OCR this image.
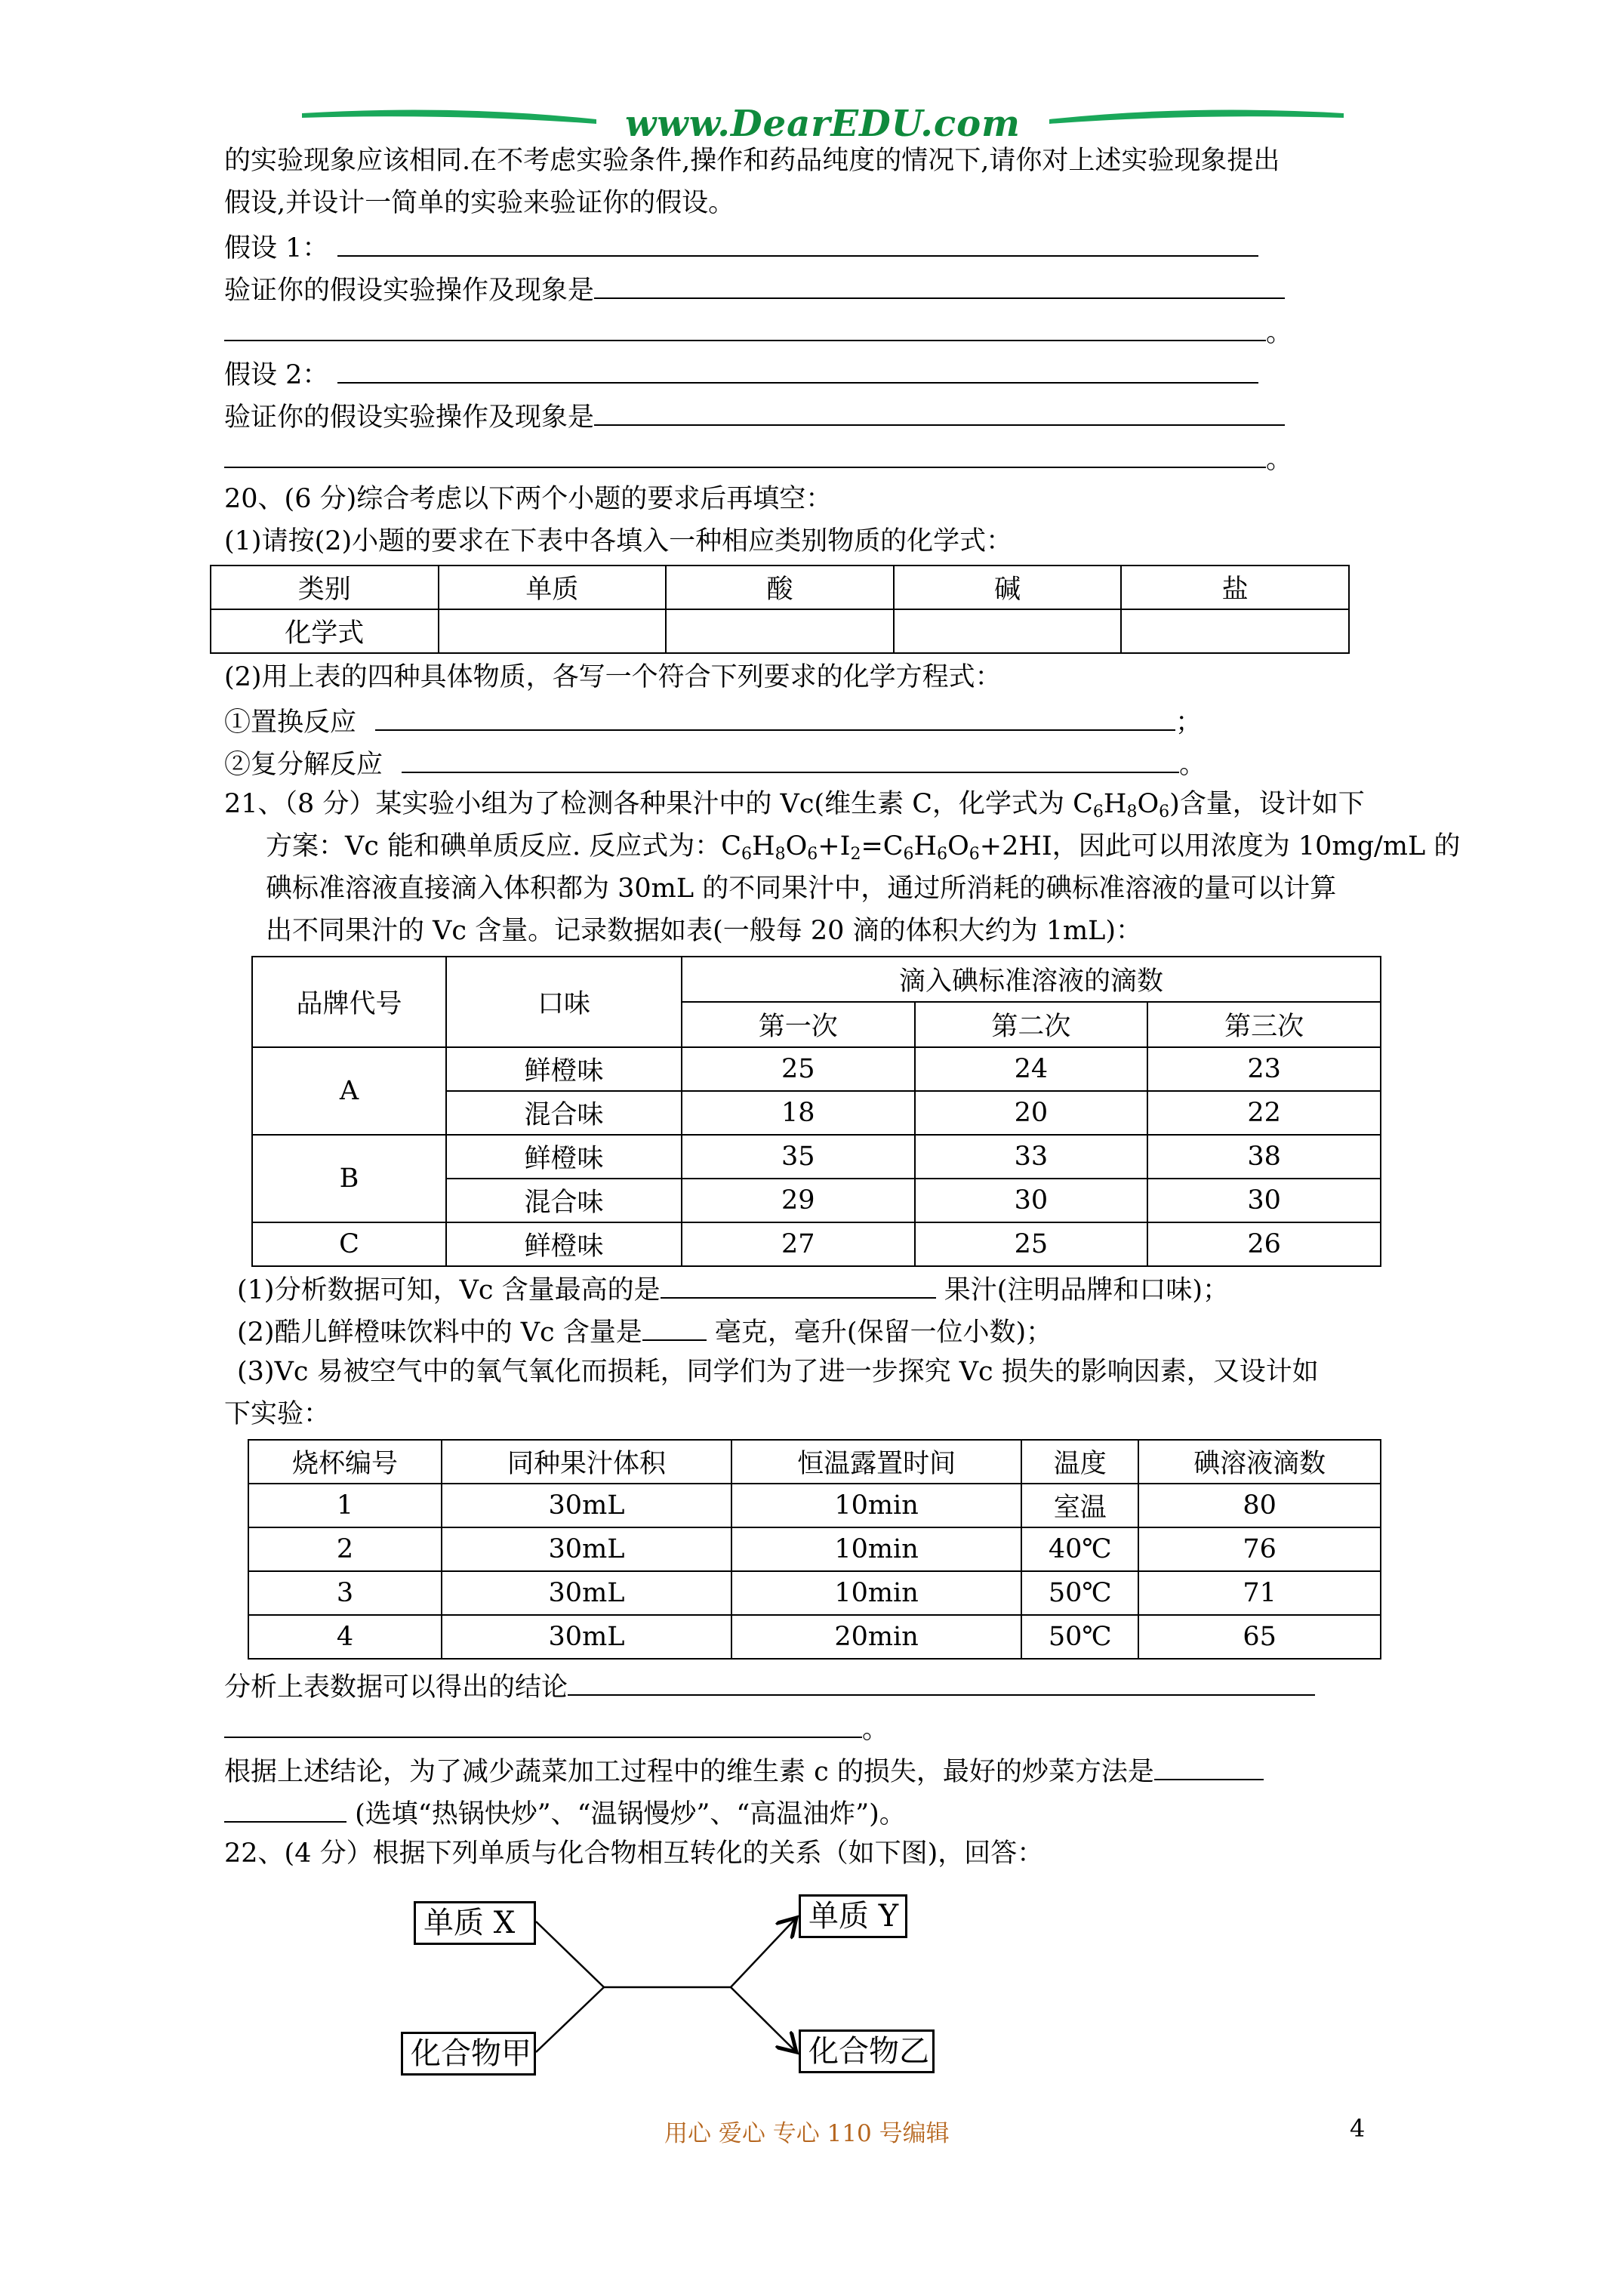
www.DearEDU.com
的实验现象应该相同.在不考虑实验条件,操作和药品纯度的情况下,请你对上述实验现象提出
假设,并设计一简单的实验来验证你的假设。
假设 1：
验证你的假设实验操作及现象是
。
假设 2：
验证你的假设实验操作及现象是
。
20、(6 分)综合考虑以下两个小题的要求后再填空：
(1)请按(2)小题的要求在下表中各填入一种相应类别物质的化学式：
类别	单质	酸	碱	盐
化学式				
(2)用上表的四种具体物质，各写一个符合下列要求的化学方程式：
①置换反应	；
②复分解反应	。
21、（8 分）某实验小组为了检测各种果汁中的 Vc(维生素 C，化学式为 $C_6H_8O_6$)含量，设计如下
方案：Vc 能和碘单质反应. 反应式为：$C_6H_8O_6+I_2=C_6H_6O_6+2HI$，因此可以用浓度为 10mg/mL 的
碘标准溶液直接滴入体积都为 30mL 的不同果汁中，通过所消耗的碘标准溶液的量可以计算
出不同果汁的 Vc 含量。记录数据如表(一般每 20 滴的体积大约为 1mL)：
品牌代号	口味	滴入碘标准溶液的滴数		
		第一次	第二次	第三次
A	鲜橙味	25	24	23
	混合味	18	20	22
B	鲜橙味	35	33	38
	混合味	29	30	30
C	鲜橙味	27	25	26
(1)分析数据可知，Vc 含量最高的是	果汁(注明品牌和口味)；
(2)酷儿鲜橙味饮料中的 Vc 含量是	毫克，毫升(保留一位小数)；
(3)Vc 易被空气中的氧气氧化而损耗，同学们为了进一步探究 Vc 损失的影响因素，又设计如
下实验：
烧杯编号	同种果汁体积	恒温露置时间	温度	碘溶液滴数
1	30mL	10min	室温	80
2	30mL	10min	40℃	76
3	30mL	10min	50℃	71
4	30mL	20min	50℃	65
分析上表数据可以得出的结论
。
根据上述结论，为了减少蔬菜加工过程中的维生素 c 的损失，最好的炒菜方法是
(选填“热锅快炒”、“温锅慢炒”、“高温油炸”)。
22、(4 分）根据下列单质与化合物相互转化的关系（如下图)，回答：
单质 X
化合物甲
单质 Y
化合物乙
用心 爱心 专心 110 号编辑	4
